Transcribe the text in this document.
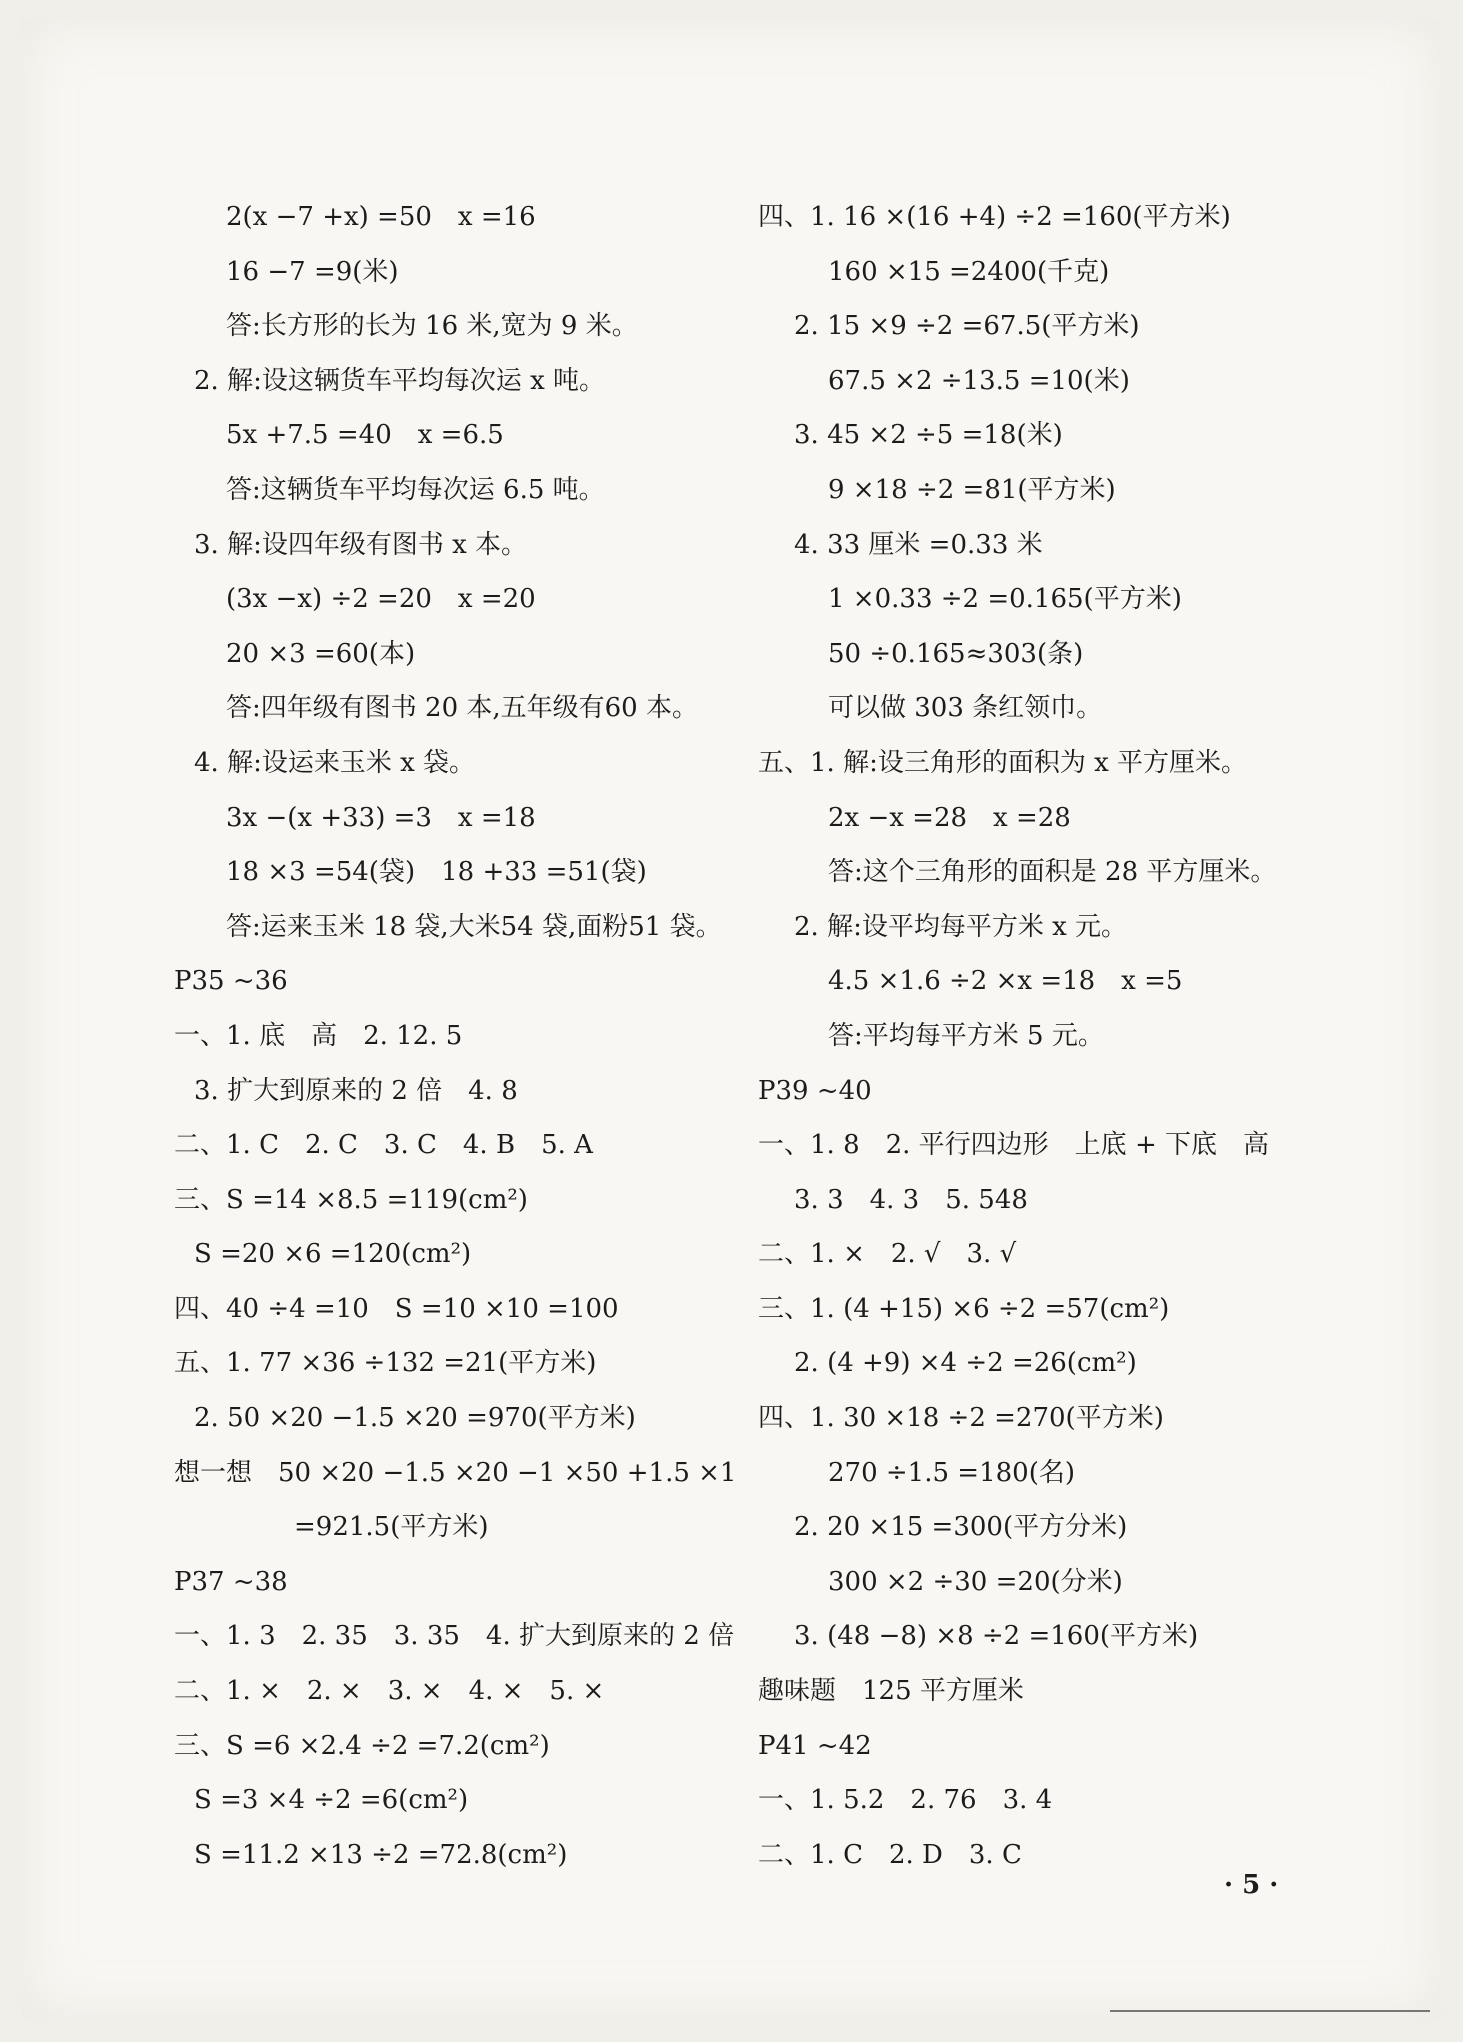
2(x −7 +x) =50　x =16
16 −7 =9(米)
答:长方形的长为 16 米,宽为 9 米。
2. 解:设这辆货车平均每次运 x 吨。
5x +7.5 =40　x =6.5
答:这辆货车平均每次运 6.5 吨。
3. 解:设四年级有图书 x 本。
(3x −x) ÷2 =20　x =20
20 ×3 =60(本)
答:四年级有图书 20 本,五年级有60 本。
4. 解:设运来玉米 x 袋。
3x −(x +33) =3　x =18
18 ×3 =54(袋)　18 +33 =51(袋)
答:运来玉米 18 袋,大米54 袋,面粉51 袋。
P35 ~36
一、1. 底　高　2. 12. 5
3. 扩大到原来的 2 倍　4. 8
二、1. C　2. C　3. C　4. B　5. A
三、S =14 ×8.5 =119(cm²)
S =20 ×6 =120(cm²)
四、40 ÷4 =10　S =10 ×10 =100
五、1. 77 ×36 ÷132 =21(平方米)
2. 50 ×20 −1.5 ×20 =970(平方米)
想一想　50 ×20 −1.5 ×20 −1 ×50 +1.5 ×1
=921.5(平方米)
P37 ~38
一、1. 3　2. 35　3. 35　4. 扩大到原来的 2 倍
二、1. ×　2. ×　3. ×　4. ×　5. ×
三、S =6 ×2.4 ÷2 =7.2(cm²)
S =3 ×4 ÷2 =6(cm²)
S =11.2 ×13 ÷2 =72.8(cm²)
四、1. 16 ×(16 +4) ÷2 =160(平方米)
160 ×15 =2400(千克)
2. 15 ×9 ÷2 =67.5(平方米)
67.5 ×2 ÷13.5 =10(米)
3. 45 ×2 ÷5 =18(米)
9 ×18 ÷2 =81(平方米)
4. 33 厘米 =0.33 米
1 ×0.33 ÷2 =0.165(平方米)
50 ÷0.165≈303(条)
可以做 303 条红领巾。
五、1. 解:设三角形的面积为 x 平方厘米。
2x −x =28　x =28
答:这个三角形的面积是 28 平方厘米。
2. 解:设平均每平方米 x 元。
4.5 ×1.6 ÷2 ×x =18　x =5
答:平均每平方米 5 元。
P39 ~40
一、1. 8　2. 平行四边形　上底 + 下底　高
3. 3　4. 3　5. 548
二、1. ×　2. √　3. √
三、1. (4 +15) ×6 ÷2 =57(cm²)
2. (4 +9) ×4 ÷2 =26(cm²)
四、1. 30 ×18 ÷2 =270(平方米)
270 ÷1.5 =180(名)
2. 20 ×15 =300(平方分米)
300 ×2 ÷30 =20(分米)
3. (48 −8) ×8 ÷2 =160(平方米)
趣味题　125 平方厘米
P41 ~42
一、1. 5.2　2. 76　3. 4
二、1. C　2. D　3. C
· 5 ·
